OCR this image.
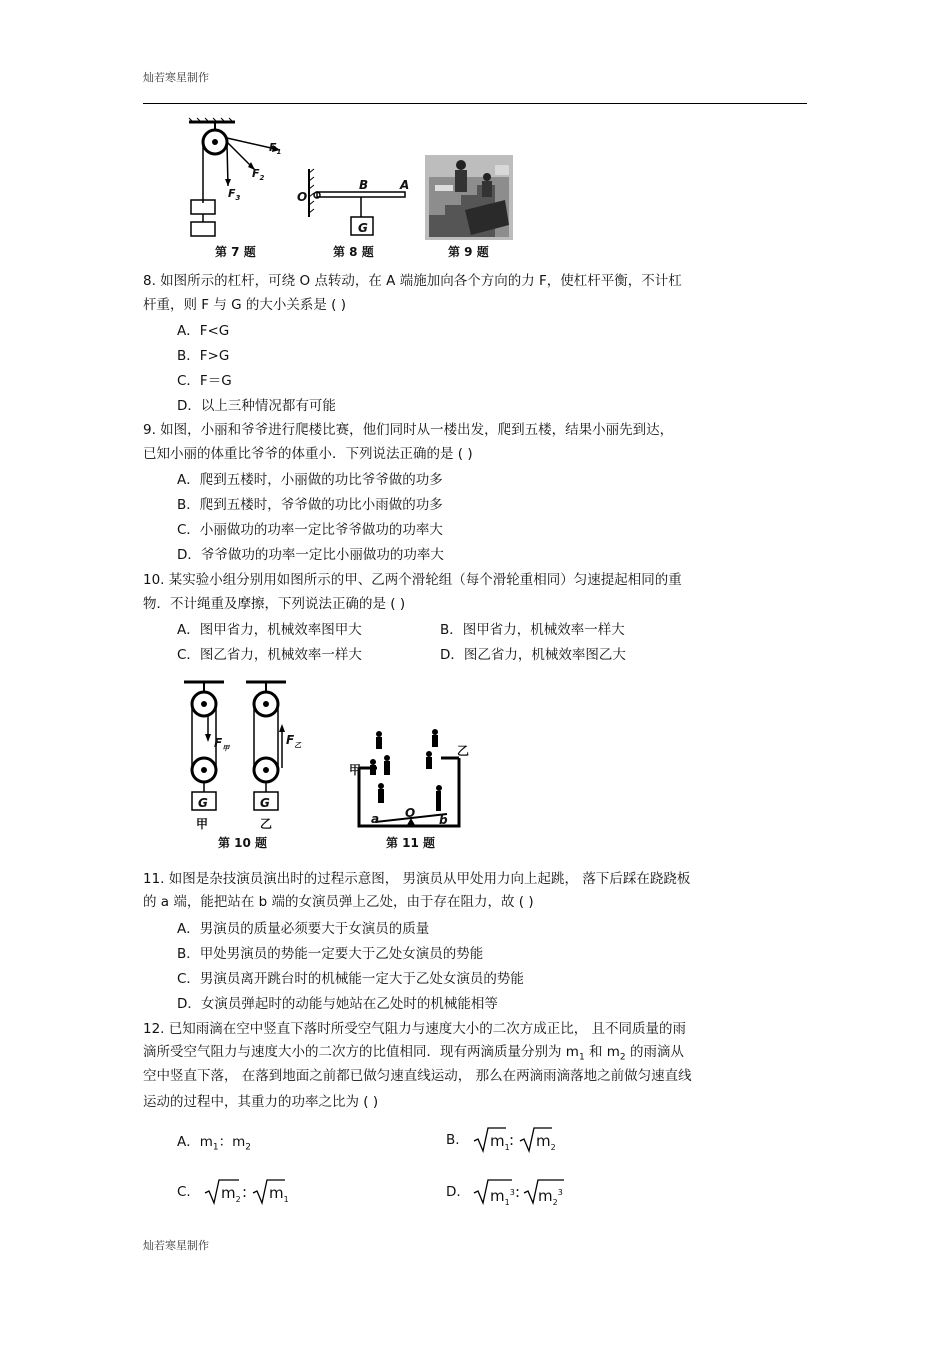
灿若寒星制作
$F_1$
$F_2$
$F_3$	O
B	A
G
第 7 题	第 8 题	第 9 题
8. 如图所示的杠杆，可绕 O 点转动，在 A 端施加向各个方向的力 F，使杠杆平衡，不计杠
杆重，则 F 与 G 的大小关系是 ( )
A．F<G
B．F>G
C．F＝G
D．以上三种情况都有可能
9. 如图，小丽和爷爷进行爬楼比赛，他们同时从一楼出发，爬到五楼，结果小丽先到达，
已知小丽的体重比爷爷的体重小．下列说法正确的是 ( )
A．爬到五楼时，小丽做的功比爷爷做的功多
B．爬到五楼时，爷爷做的功比小雨做的功多
C．小丽做功的功率一定比爷爷做功的功率大
D．爷爷做功的功率一定比小丽做功的功率大
10. 某实验小组分别用如图所示的甲、乙两个滑轮组（每个滑轮重相同）匀速提起相同的重
物．不计绳重及摩擦，下列说法正确的是 ( )
A．图甲省力，机械效率图甲大	B．图甲省力，机械效率一样大
C．图乙省力，机械效率一样大	D．图乙省力，机械效率图乙大
$F_甲$
$F_乙$
G	G
甲	乙
第 10 题
甲
乙
a O b
第 11 题
11. 如图是杂技演员演出时的过程示意图， 男演员从甲处用力向上起跳， 落下后踩在跷跷板
的 a 端，能把站在 b 端的女演员弹上乙处，由于存在阻力，故 ( )
A．男演员的质量必须要大于女演员的质量
B．甲处男演员的势能一定要大于乙处女演员的势能
C．男演员离开跳台时的机械能一定大于乙处女演员的势能
D．女演员弹起时的动能与她站在乙处时的机械能相等
12. 已知雨滴在空中竖直下落时所受空气阻力与速度大小的二次方成正比， 且不同质量的雨
滴所受空气阻力与速度大小的二次方的比值相同．现有两滴质量分别为 $m_1$ 和 $m_2$ 的雨滴从
空中竖直下落， 在落到地面之前都已做匀速直线运动， 那么在两滴雨滴落地之前做匀速直线
运动的过程中，其重力的功率之比为 ( )
A．$m_1$：$m_2$	B. $m_1$ : $m_2$
C. $m_2$ : $m_1$	D. $m_1^3$ : $m_2^3$
灿若寒星制作
